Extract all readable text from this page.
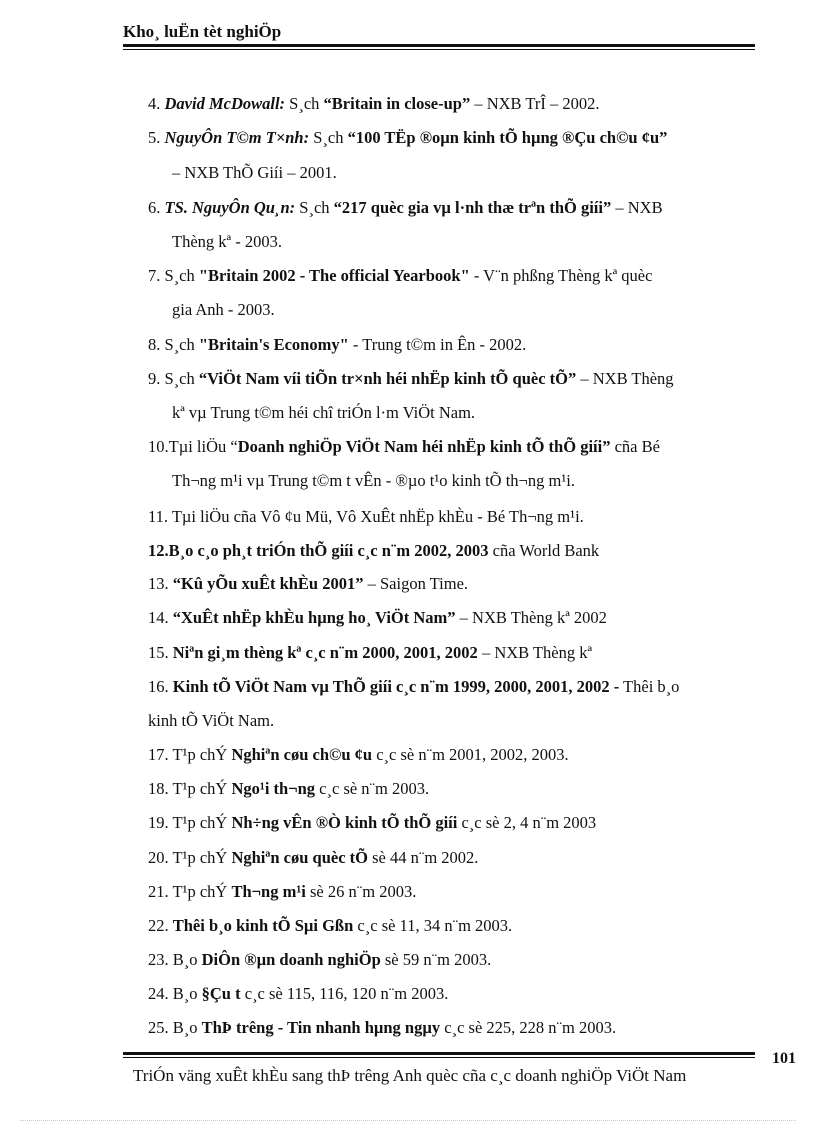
Kho¸ luËn tèt nghiÖp
4. David McDowall: S¸ch “Britain in close-up” – NXB TrÎ – 2002.
5. NguyÔn T©m T×nh: S¸ch “100 TËp ®oµn kinh tÕ hµng ®Çu ch©u ¢u”
– NXB ThÕ Giíi – 2001.
6. TS. NguyÔn Qu¸n: S¸ch “217 quèc gia vµ l·nh thæ trªn thÕ giíi” – NXB
Thèng kª - 2003.
7. S¸ch "Britain 2002 - The official Yearbook" - V¨n phßng Thèng kª quèc
gia Anh - 2003.
8. S¸ch "Britain's Economy" - Trung t©m in Ên - 2002.
9. S¸ch “ViÖt Nam víi tiÕn tr×nh héi nhËp kinh tÕ quèc tÕ” – NXB Thèng
kª vµ Trung t©m héi chî triÓn l·m ViÖt Nam.
10.Tµi liÖu “Doanh nghiÖp ViÖt Nam héi nhËp kinh tÕ thÕ giíi” cña Bé
Th¬ng m¹i vµ Trung t©m t vÊn - ®µo t¹o kinh tÕ th¬ng m¹i.
11. Tµi liÖu cña Vô ¢u Mü, Vô XuÊt nhËp khÈu - Bé Th¬ng m¹i.
12.B¸o c¸o ph¸t triÓn thÕ giíi c¸c n¨m 2002, 2003 cña World Bank
13. “Kû yÕu xuÊt khÈu 2001” – Saigon Time.
14. “XuÊt nhËp khÈu hµng ho¸ ViÖt Nam” – NXB Thèng kª 2002
15. Niªn gi¸m thèng kª c¸c n¨m 2000, 2001, 2002 – NXB Thèng kª
16. Kinh tÕ ViÖt Nam vµ ThÕ giíi c¸c n¨m 1999, 2000, 2001, 2002 - Thêi b¸o
kinh tÕ ViÖt Nam.
17. T¹p chÝ Nghiªn cøu ch©u ¢u c¸c sè n¨m 2001, 2002, 2003.
18. T¹p chÝ Ngo¹i th¬ng c¸c sè n¨m 2003.
19. T¹p chÝ Nh÷ng vÊn ®Ò kinh tÕ thÕ giíi c¸c sè 2, 4 n¨m 2003
20. T¹p chÝ Nghiªn cøu quèc tÕ sè 44 n¨m 2002.
21. T¹p chÝ Th¬ng m¹i sè 26 n¨m 2003.
22. Thêi b¸o kinh tÕ Sµi Gßn c¸c sè 11, 34 n¨m 2003.
23. B¸o DiÔn ®µn doanh nghiÖp sè 59 n¨m 2003.
24. B¸o §Çu t c¸c sè 115, 116, 120 n¨m 2003.
25. B¸o ThÞ trêng - Tin nhanh hµng ngµy c¸c sè 225, 228 n¨m 2003.
101
TriÓn väng xuÊt khÈu sang thÞ trêng Anh quèc cña c¸c doanh nghiÖp ViÖt Nam
